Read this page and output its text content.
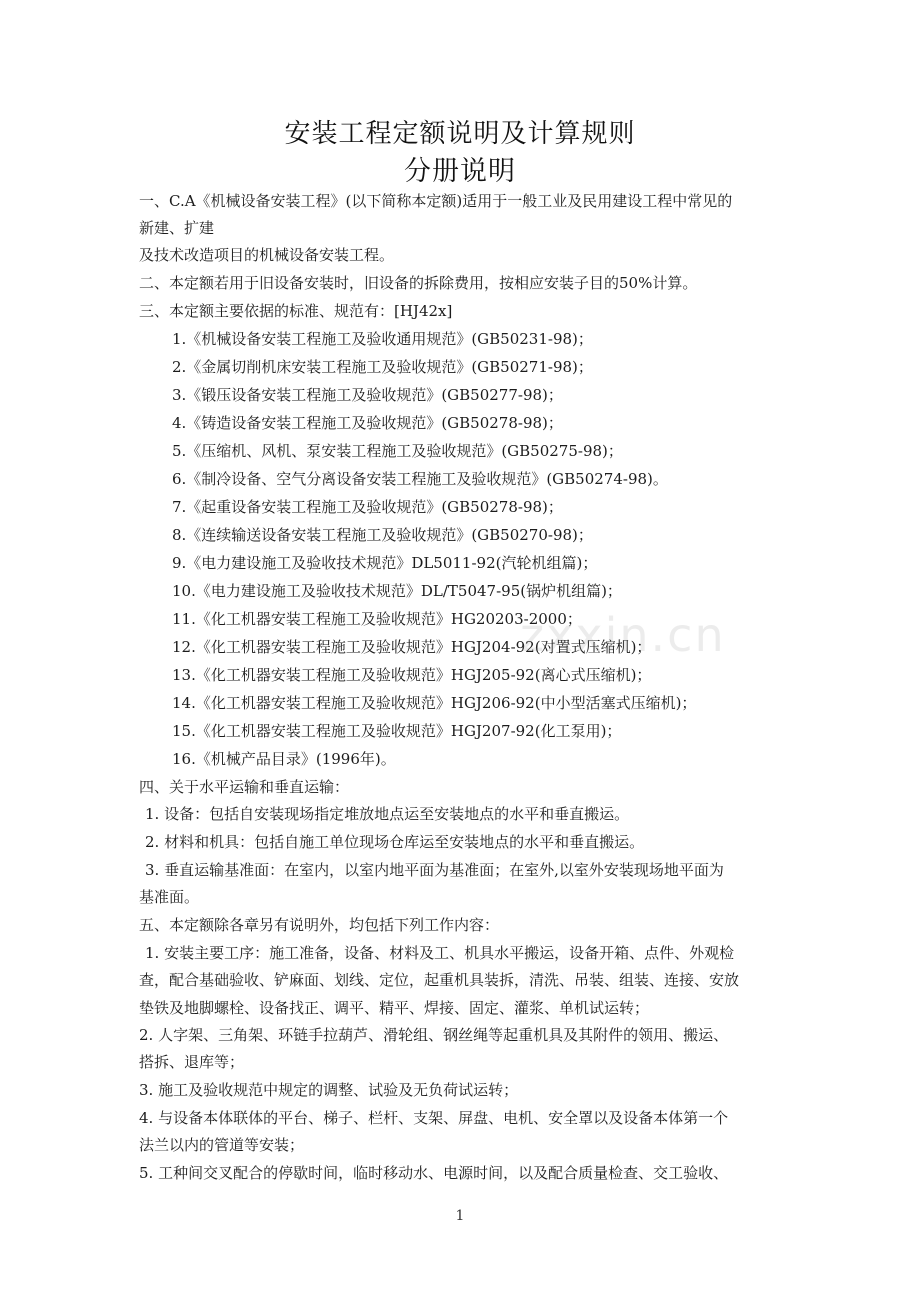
安装工程定额说明及计算规则
分册说明
一、C.A《机械设备安装工程》(以下简称本定额)适用于一般工业及民用建设工程中常见的
新建、扩建
及技术改造项目的机械设备安装工程。
二、本定额若用于旧设备安装时，旧设备的拆除费用，按相应安装子目的50%计算。
三、本定额主要依据的标准、规范有：[HJ42x]
1.《机械设备安装工程施工及验收通用规范》(GB50231-98)；
2.《金属切削机床安装工程施工及验收规范》(GB50271-98)；
3.《锻压设备安装工程施工及验收规范》(GB50277-98)；
4.《铸造设备安装工程施工及验收规范》(GB50278-98)；
5.《压缩机、风机、泵安装工程施工及验收规范》(GB50275-98)；
6.《制冷设备、空气分离设备安装工程施工及验收规范》(GB50274-98)。
7.《起重设备安装工程施工及验收规范》(GB50278-98)；
8.《连续输送设备安装工程施工及验收规范》(GB50270-98)；
9.《电力建设施工及验收技术规范》DL5011-92(汽轮机组篇)；
10.《电力建设施工及验收技术规范》DL/T5047-95(锅炉机组篇)；
11.《化工机器安装工程施工及验收规范》HG20203-2000；
12.《化工机器安装工程施工及验收规范》HGJ204-92(对置式压缩机)；
13.《化工机器安装工程施工及验收规范》HGJ205-92(离心式压缩机)；
14.《化工机器安装工程施工及验收规范》HGJ206-92(中小型活塞式压缩机)；
15.《化工机器安装工程施工及验收规范》HGJ207-92(化工泵用)；
16.《机械产品目录》(1996年)。
四、关于水平运输和垂直运输：
1. 设备：包括自安装现场指定堆放地点运至安装地点的水平和垂直搬运。
2. 材料和机具：包括自施工单位现场仓库运至安装地点的水平和垂直搬运。
3. 垂直运输基准面：在室内，以室内地平面为基准面；在室外,以室外安装现场地平面为
基准面。
五、本定额除各章另有说明外，均包括下列工作内容：
1. 安装主要工序：施工准备，设备、材料及工、机具水平搬运，设备开箱、点件、外观检
查，配合基础验收、铲麻面、划线、定位，起重机具装拆，清洗、吊装、组装、连接、安放
垫铁及地脚螺栓、设备找正、调平、精平、焊接、固定、灌浆、单机试运转；
2. 人字架、三角架、环链手拉葫芦、滑轮组、钢丝绳等起重机具及其附件的领用、搬运、
搭拆、退库等；
3. 施工及验收规范中规定的调整、试验及无负荷试运转；
4. 与设备本体联体的平台、梯子、栏杆、支架、屏盘、电机、安全罩以及设备本体第一个
法兰以内的管道等安装；
5. 工种间交叉配合的停歇时间，临时移动水、电源时间，以及配合质量检查、交工验收、
zxxin.cn
1
